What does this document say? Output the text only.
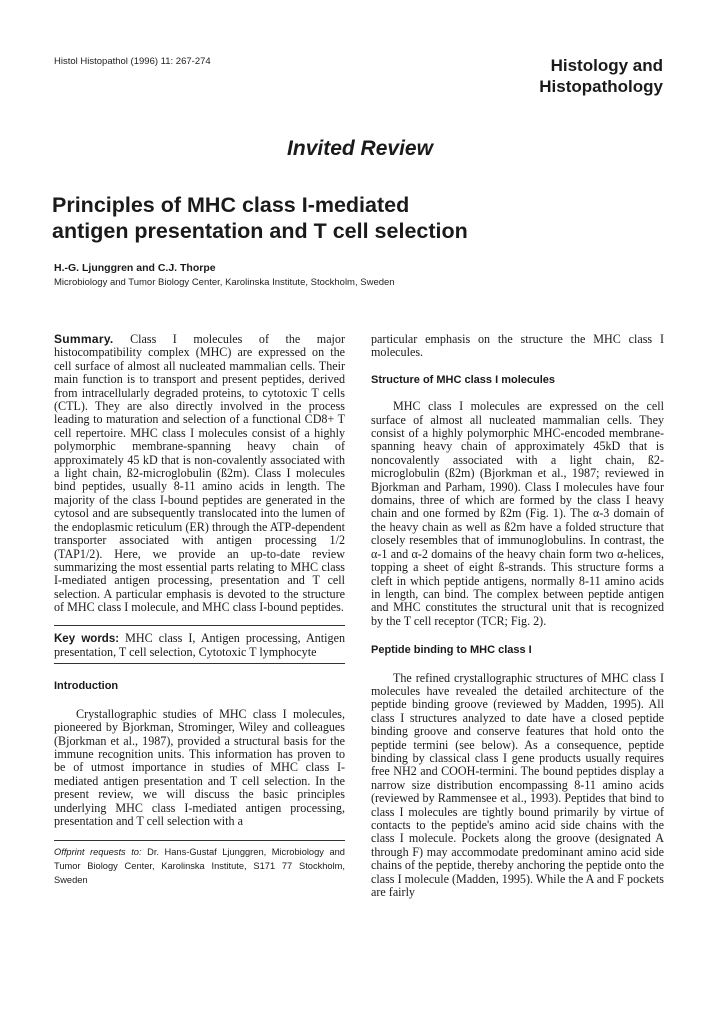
Histol Histopathol (1996) 11: 267-274	Histology and
Histopathology
Invited Review
Principles of MHC class I-mediated
antigen presentation and T cell selection
H.-G. Ljunggren and C.J. Thorpe
Microbiology and Tumor Biology Center, Karolinska Institute, Stockholm, Sweden

Summary. Class I molecules of the major histocompatibility complex (MHC) are expressed on the cell surface of almost all nucleated mammalian cells. Their main function is to transport and present peptides, derived from intracellularly degraded proteins, to cytotoxic T cells (CTL). They are also directly involved in the process leading to maturation and selection of a functional CD8+ T cell repertoire. MHC class I molecules consist of a highly polymorphic membrane-spanning heavy chain of approximately 45 kD that is non-covalently associated with a light chain, ß2-microglobulin (ß2m). Class I molecules bind peptides, usually 8-11 amino acids in length. The majority of the class I-bound peptides are generated in the cytosol and are subsequently translocated into the lumen of the endoplasmic reticulum (ER) through the ATP-dependent transporter associated with antigen processing 1/2 (TAP1/2). Here, we provide an up-to-date review summarizing the most essential parts relating to MHC class I-mediated antigen processing, presentation and T cell selection. A particular emphasis is devoted to the structure of MHC class I molecule, and MHC class I-bound peptides.

Key words: MHC class I, Antigen processing, Antigen presentation, T cell selection, Cytotoxic T lymphocyte

Introduction

Crystallographic studies of MHC class I molecules, pioneered by Bjorkman, Strominger, Wiley and colleagues (Bjorkman et al., 1987), provided a structural basis for the immune recognition units. This information has proven to be of utmost importance in studies of MHC class I-mediated antigen presentation and T cell selection. In the present review, we will discuss the basic principles underlying MHC class I-mediated antigen processing, presentation and T cell selection with a

Offprint requests to: Dr. Hans-Gustaf Ljunggren, Microbiology and Tumor Biology Center, Karolinska Institute, S171 77 Stockholm, Sweden

particular emphasis on the structure the MHC class I molecules.

Structure of MHC class I molecules

MHC class I molecules are expressed on the cell surface of almost all nucleated mammalian cells. They consist of a highly polymorphic MHC-encoded membrane-spanning heavy chain of approximately 45kD that is noncovalently associated with a light chain, ß2-microglobulin (ß2m) (Bjorkman et al., 1987; reviewed in Bjorkman and Parham, 1990). Class I molecules have four domains, three of which are formed by the class I heavy chain and one formed by ß2m (Fig. 1). The α-3 domain of the heavy chain as well as ß2m have a folded structure that closely resembles that of immunoglobulins. In contrast, the α-1 and α-2 domains of the heavy chain form two α-helices, topping a sheet of eight ß-strands. This structure forms a cleft in which peptide antigens, normally 8-11 amino acids in length, can bind. The complex between peptide antigen and MHC constitutes the structural unit that is recognized by the T cell receptor (TCR; Fig. 2).

Peptide binding to MHC class I

The refined crystallographic structures of MHC class I molecules have revealed the detailed architecture of the peptide binding groove (reviewed by Madden, 1995). All class I structures analyzed to date have a closed peptide binding groove and conserve features that hold onto the peptide termini (see below). As a consequence, peptide binding by classical class I gene products usually requires free NH2 and COOH-termini. The bound peptides display a narrow size distribution encompassing 8-11 amino acids (reviewed by Rammensee et al., 1993). Peptides that bind to class I molecules are tightly bound primarily by virtue of contacts to the peptide's amino acid side chains with the class I molecule. Pockets along the groove (designated A through F) may accommodate predominant amino acid side chains of the peptide, thereby anchoring the peptide onto the class I molecule (Madden, 1995). While the A and F pockets are fairly
